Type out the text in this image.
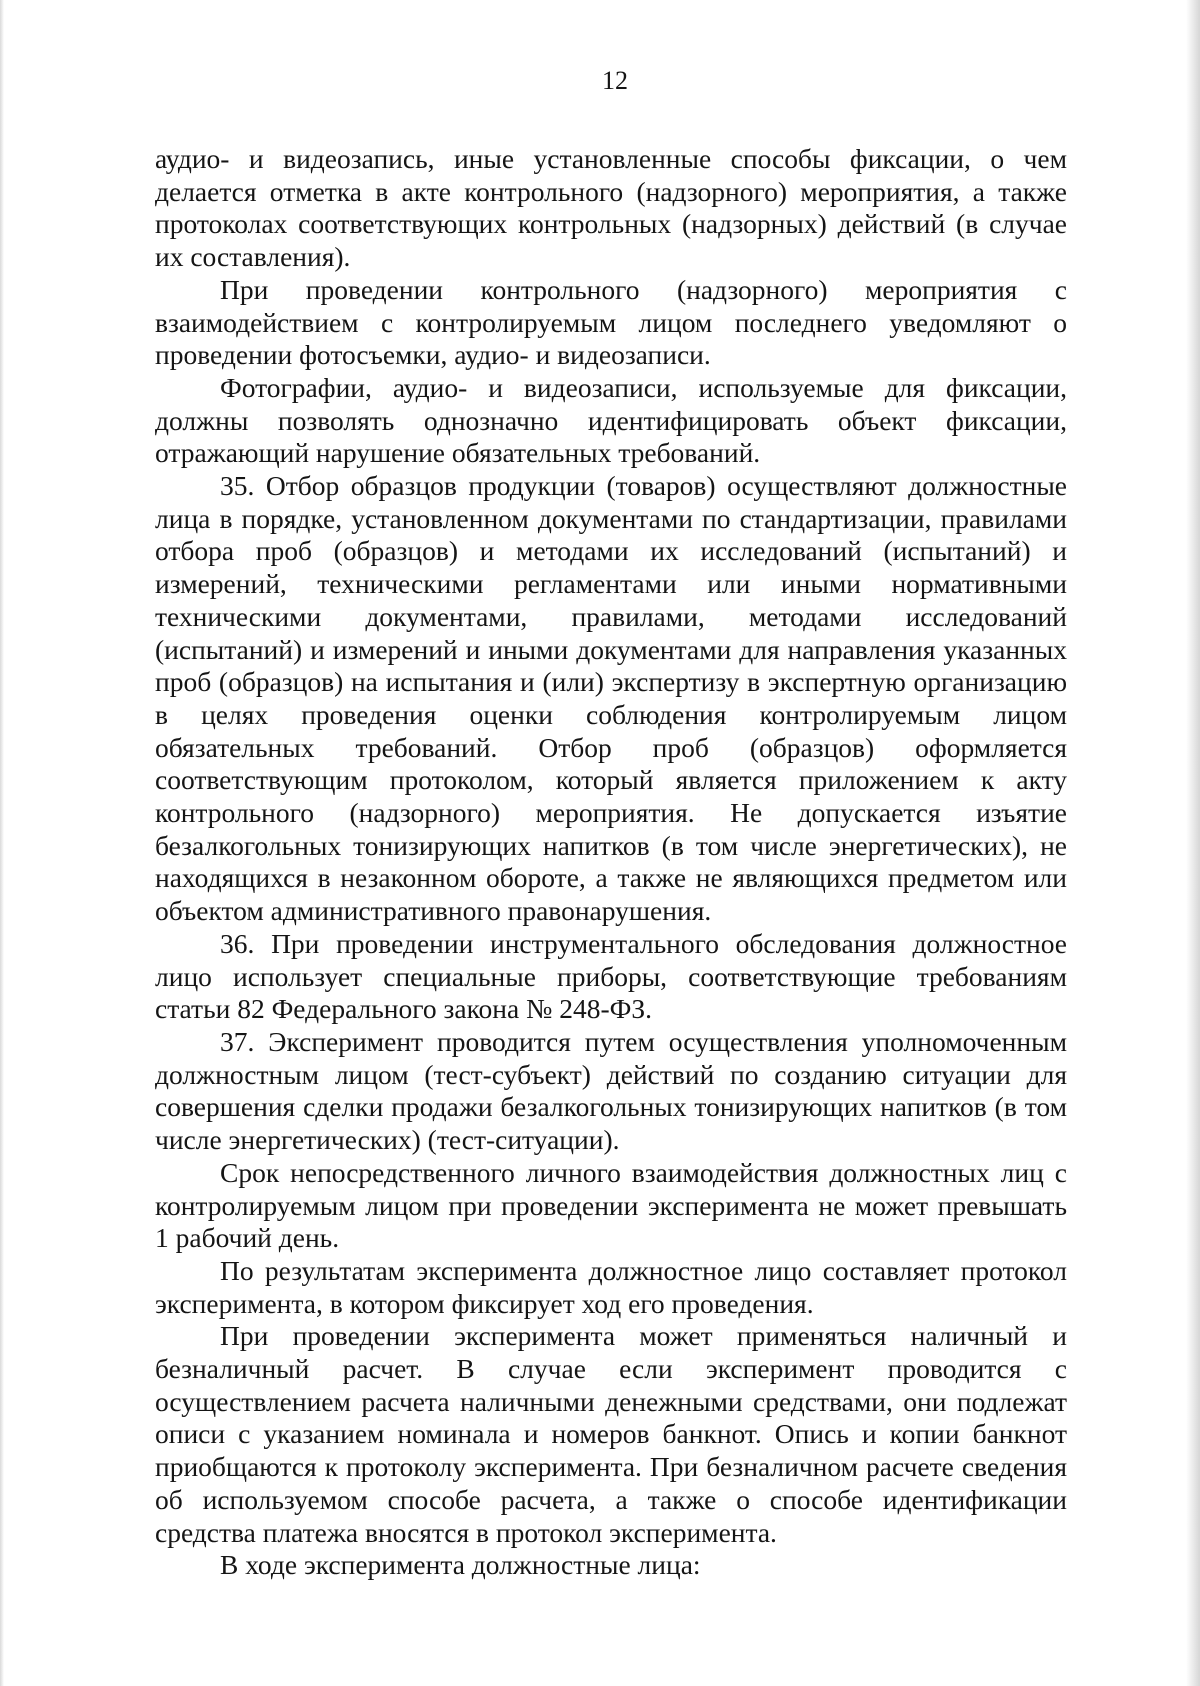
12

аудио- и видеозапись, иные установленные способы фиксации, о чем делается отметка в акте контрольного (надзорного) мероприятия, а также протоколах соответствующих контрольных (надзорных) действий (в случае их составления).

При проведении контрольного (надзорного) мероприятия с взаимодействием с контролируемым лицом последнего уведомляют о проведении фотосъемки, аудио- и видеозаписи.

Фотографии, аудио- и видеозаписи, используемые для фиксации, должны позволять однозначно идентифицировать объект фиксации, отражающий нарушение обязательных требований.

35. Отбор образцов продукции (товаров) осуществляют должностные лица в порядке, установленном документами по стандартизации, правилами отбора проб (образцов) и методами их исследований (испытаний) и измерений, техническими регламентами или иными нормативными техническими документами, правилами, методами исследований (испытаний) и измерений и иными документами для направления указанных проб (образцов) на испытания и (или) экспертизу в экспертную организацию в целях проведения оценки соблюдения контролируемым лицом обязательных требований. Отбор проб (образцов) оформляется соответствующим протоколом, который является приложением к акту контрольного (надзорного) мероприятия. Не допускается изъятие безалкогольных тонизирующих напитков (в том числе энергетических), не находящихся в незаконном обороте, а также не являющихся предметом или объектом административного правонарушения.

36. При проведении инструментального обследования должностное лицо использует специальные приборы, соответствующие требованиям статьи 82 Федерального закона № 248-ФЗ.

37. Эксперимент проводится путем осуществления уполномоченным должностным лицом (тест-субъект) действий по созданию ситуации для совершения сделки продажи безалкогольных тонизирующих напитков (в том числе энергетических) (тест-ситуации).

Срок непосредственного личного взаимодействия должностных лиц с контролируемым лицом при проведении эксперимента не может превышать 1 рабочий день.

По результатам эксперимента должностное лицо составляет протокол эксперимента, в котором фиксирует ход его проведения.

При проведении эксперимента может применяться наличный и безналичный расчет. В случае если эксперимент проводится с осуществлением расчета наличными денежными средствами, они подлежат описи с указанием номинала и номеров банкнот. Опись и копии банкнот приобщаются к протоколу эксперимента. При безналичном расчете сведения об используемом способе расчета, а также о способе идентификации средства платежа вносятся в протокол эксперимента.

В ходе эксперимента должностные лица:
